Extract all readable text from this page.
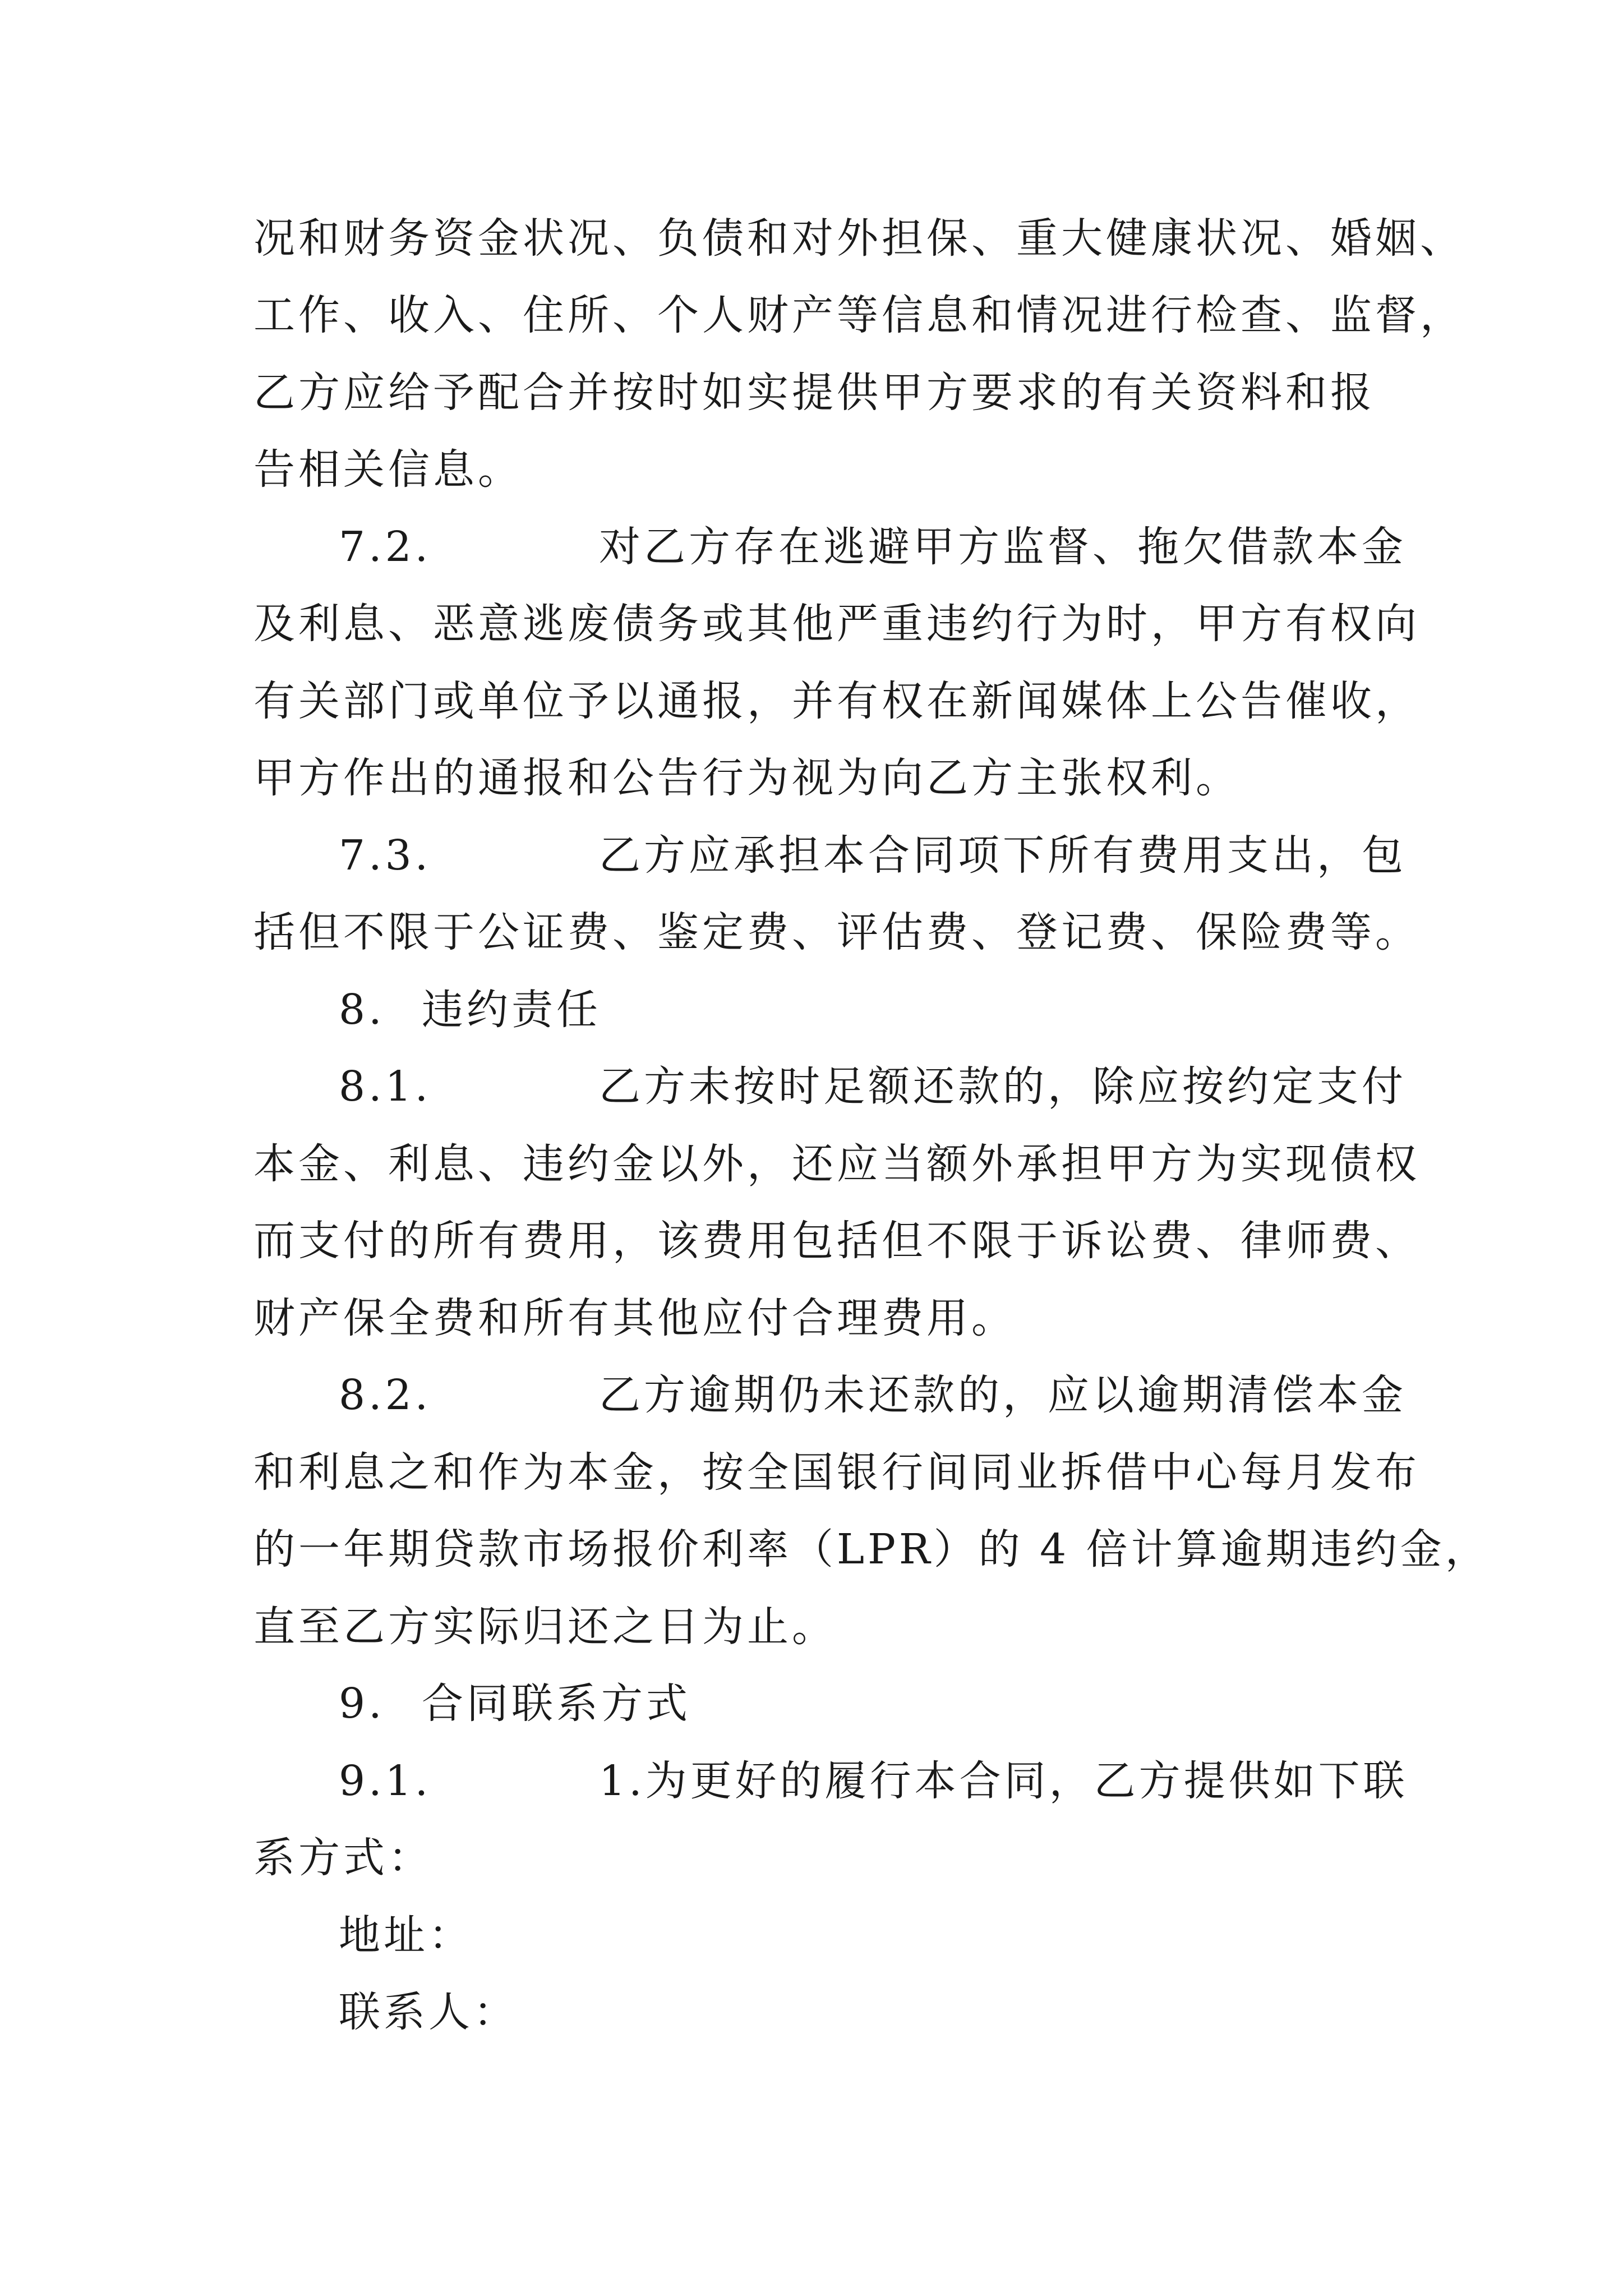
况和财务资金状况、负债和对外担保、重大健康状况、婚姻、
工作、收入、住所、个人财产等信息和情况进行检查、监督，
乙方应给予配合并按时如实提供甲方要求的有关资料和报
告相关信息。
7.2.	对乙方存在逃避甲方监督、拖欠借款本金
及利息、恶意逃废债务或其他严重违约行为时，甲方有权向
有关部门或单位予以通报，并有权在新闻媒体上公告催收，
甲方作出的通报和公告行为视为向乙方主张权利。
7.3.	乙方应承担本合同项下所有费用支出，包
括但不限于公证费、鉴定费、评估费、登记费、保险费等。
8. 违约责任
8.1.	乙方未按时足额还款的，除应按约定支付
本金、利息、违约金以外，还应当额外承担甲方为实现债权
而支付的所有费用，该费用包括但不限于诉讼费、律师费、
财产保全费和所有其他应付合理费用。
8.2.	乙方逾期仍未还款的，应以逾期清偿本金
和利息之和作为本金，按全国银行间同业拆借中心每月发布
的一年期贷款市场报价利率（LPR）的 4 倍计算逾期违约金，
直至乙方实际归还之日为止。
9. 合同联系方式
9.1.	1.为更好的履行本合同，乙方提供如下联
系方式：
地址：
联系人：
